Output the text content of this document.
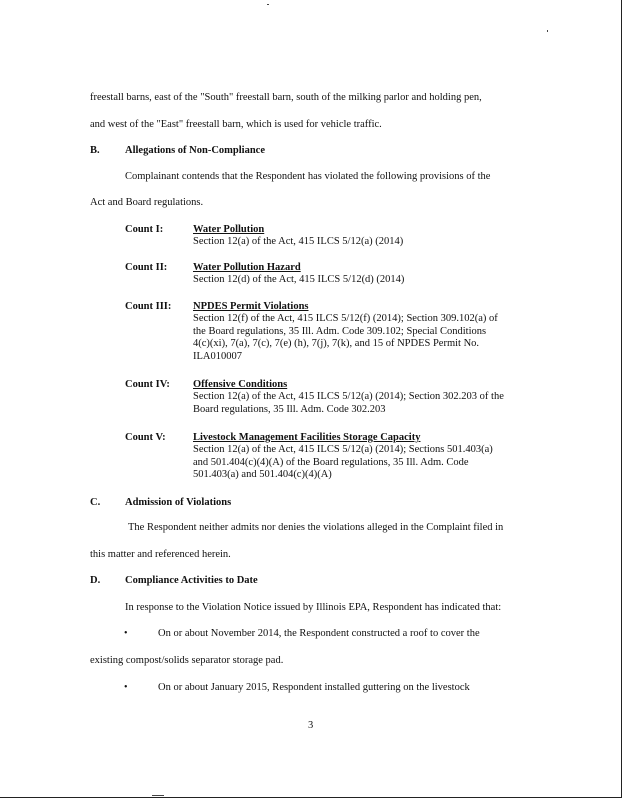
freestall barns, east of the "South" freestall barn, south of the milking parlor and holding pen,
and west of the "East" freestall barn, which is used for vehicle traffic.
B. Allegations of Non-Compliance
Complainant contends that the Respondent has violated the following provisions of the
Act and Board regulations.
Count I:	Water Pollution
Section 12(a) of the Act, 415 ILCS 5/12(a) (2014)
Count II: Water Pollution Hazard
Section 12(d) of the Act, 415 ILCS 5/12(d) (2014)
Count III: NPDES Permit Violations
Section 12(f) of the Act, 415 ILCS 5/12(f) (2014); Section 309.102(a) of
the Board regulations, 35 Ill. Adm. Code 309.102; Special Conditions
4(c)(xi), 7(a), 7(c), 7(e) (h), 7(j), 7(k), and 15 of NPDES Permit No.
ILA010007
Count IV: Offensive Conditions
Section 12(a) of the Act, 415 ILCS 5/12(a) (2014); Section 302.203 of the
Board regulations, 35 Ill. Adm. Code 302.203
Count V:	Livestock Management Facilities Storage Capacity
Section 12(a) of the Act, 415 ILCS 5/12(a) (2014); Sections 501.403(a)
and 501.404(c)(4)(A) of the Board regulations, 35 Ill. Adm. Code
501.403(a) and 501.404(c)(4)(A)
C. Admission of Violations
The Respondent neither admits nor denies the violations alleged in the Complaint filed in
this matter and referenced herein.
D. Compliance Activities to Date
In response to the Violation Notice issued by Illinois EPA, Respondent has indicated that:
•	On or about November 2014, the Respondent constructed a roof to cover the
existing compost/solids separator storage pad.
•	On or about January 2015, Respondent installed guttering on the livestock
3
